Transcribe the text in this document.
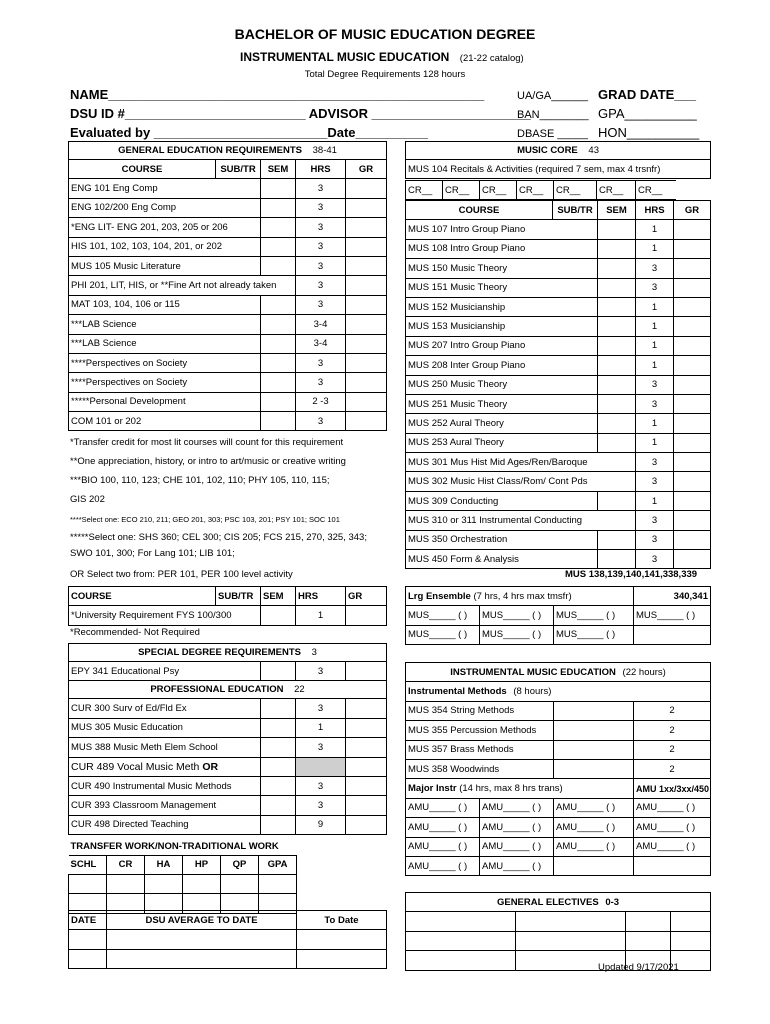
BACHELOR OF MUSIC EDUCATION DEGREE
INSTRUMENTAL MUSIC EDUCATION (21-22 catalog)
Total Degree Requirements 128 hours
NAME____________________________________________________
DSU ID #_________________________ ADVISOR ______________________
Evaluated by ________________________Date__________
UA/GA______
BAN________
DBASE _____
GRAD DATE___
GPA__________
HON__________
GENERAL EDUCATION REQUIREMENTS 38-41				
COURSE	SUB/TR	SEM	HRS	GR
ENG 101 Eng Comp			3	
ENG 102/200 Eng Comp			3	
*ENG LIT- ENG 201, 203, 205 or 206			3	
HIS 101, 102, 103, 104, 201, or 202			3	
MUS 105 Music Literature			3	
PHI 201, LIT, HIS, or **Fine Art not already taken			3	
MAT 103, 104, 106 or 115			3	
***LAB Science			3-4	
***LAB Science			3-4	
****Perspectives on Society			3	
****Perspectives on Society			3	
*****Personal Development			2 -3	
COM 101 or 202			3	
*Transfer credit for most lit courses will count for this requirement
**One appreciation, history, or intro to art/music or creative writing
***BIO 100, 110, 123; CHE 101, 102, 110; PHY 105, 110, 115;
GIS 202
****Select one: ECO 210, 211; GEO 201, 303; PSC 103, 201; PSY 101; SOC 101
*****Select one: SHS 360; CEL 300; CIS 205; FCS 215, 270, 325, 343;
SWO 101, 300; For Lang 101; LIB 101;
OR Select two from: PER 101, PER 100 level activity
COURSE	SUB/TR	SEM	HRS	GR
*University Requirement FYS 100/300			1	
*Recommended- Not Required
SPECIAL DEGREE REQUIREMENTS 3			
EPY 341 Educational Psy		3	
PROFESSIONAL EDUCATION 22			
CUR 300 Surv of Ed/Fld Ex		3	
MUS 305 Music Education		1	
MUS 388 Music Meth Elem School		3	
CUR 489 Vocal Music Meth OR			
CUR 490 Instrumental Music Methods		3	
CUR 393 Classroom Management		3	
CUR 498 Directed Teaching		9	
TRANSFER WORK/NON-TRADITIONAL WORK					
SCHL	CR	HA	HP	QP	GPA

DATE	DSU AVERAGE TO DATE	To Date

MUSIC CORE 43
MUS 104 Recitals & Activities (required 7 sem, max 4 trsnfr)
CR__	CR__	CR__	CR__	CR__	CR__	CR__
COURSE	SUB/TR	SEM	HRS	GR
MUS 107 Intro Group Piano			1	
MUS 108 Intro Group Piano			1	
MUS 150 Music Theory			3	
MUS 151 Music Theory			3	
MUS 152 Musicianship			1	
MUS 153 Musicianship			1	
MUS 207 Intro Group Piano			1	
MUS 208 Inter Group Piano			1	
MUS 250 Music Theory			3	
MUS 251 Music Theory			3	
MUS 252 Aural Theory			1	
MUS 253 Aural Theory			1	
MUS 301 Mus Hist Mid Ages/Ren/Baroque			3	
MUS 302 Music Hist Class/Rom/ Cont Pds			3	
MUS 309 Conducting			1	
MUS 310 or 311 Instrumental Conducting			3	
MUS 350 Orchestration			3	
MUS 450 Form & Analysis			3	
MUS 138,139,140,141,338,339
Lrg Ensemble (7 hrs, 4 hrs max tmsfr)			340,341
MUS_____ ( )	MUS_____ ( )	MUS_____ ( )	MUS_____ ( )
MUS_____ ( )	MUS_____ ( )	MUS_____ ( )	
INSTRUMENTAL MUSIC EDUCATION (22 hours)			
Instrumental Methods (8 hours)			
MUS 354 String Methods			2
MUS 355 Percussion Methods			2
MUS 357 Brass Methods			2
MUS 358 Woodwinds			2
Major Instr (14 hrs, max 8 hrs trans)			AMU 1xx/3xx/450
AMU_____ ( )	AMU_____ ( )	AMU_____ ( )	AMU_____ ( )
AMU_____ ( )	AMU_____ ( )	AMU_____ ( )	AMU_____ ( )
AMU_____ ( )	AMU_____ ( )	AMU_____ ( )	AMU_____ ( )
AMU_____ ( )	AMU_____ ( )		
GENERAL ELECTIVES 0-3			

Updated 9/17/2021
